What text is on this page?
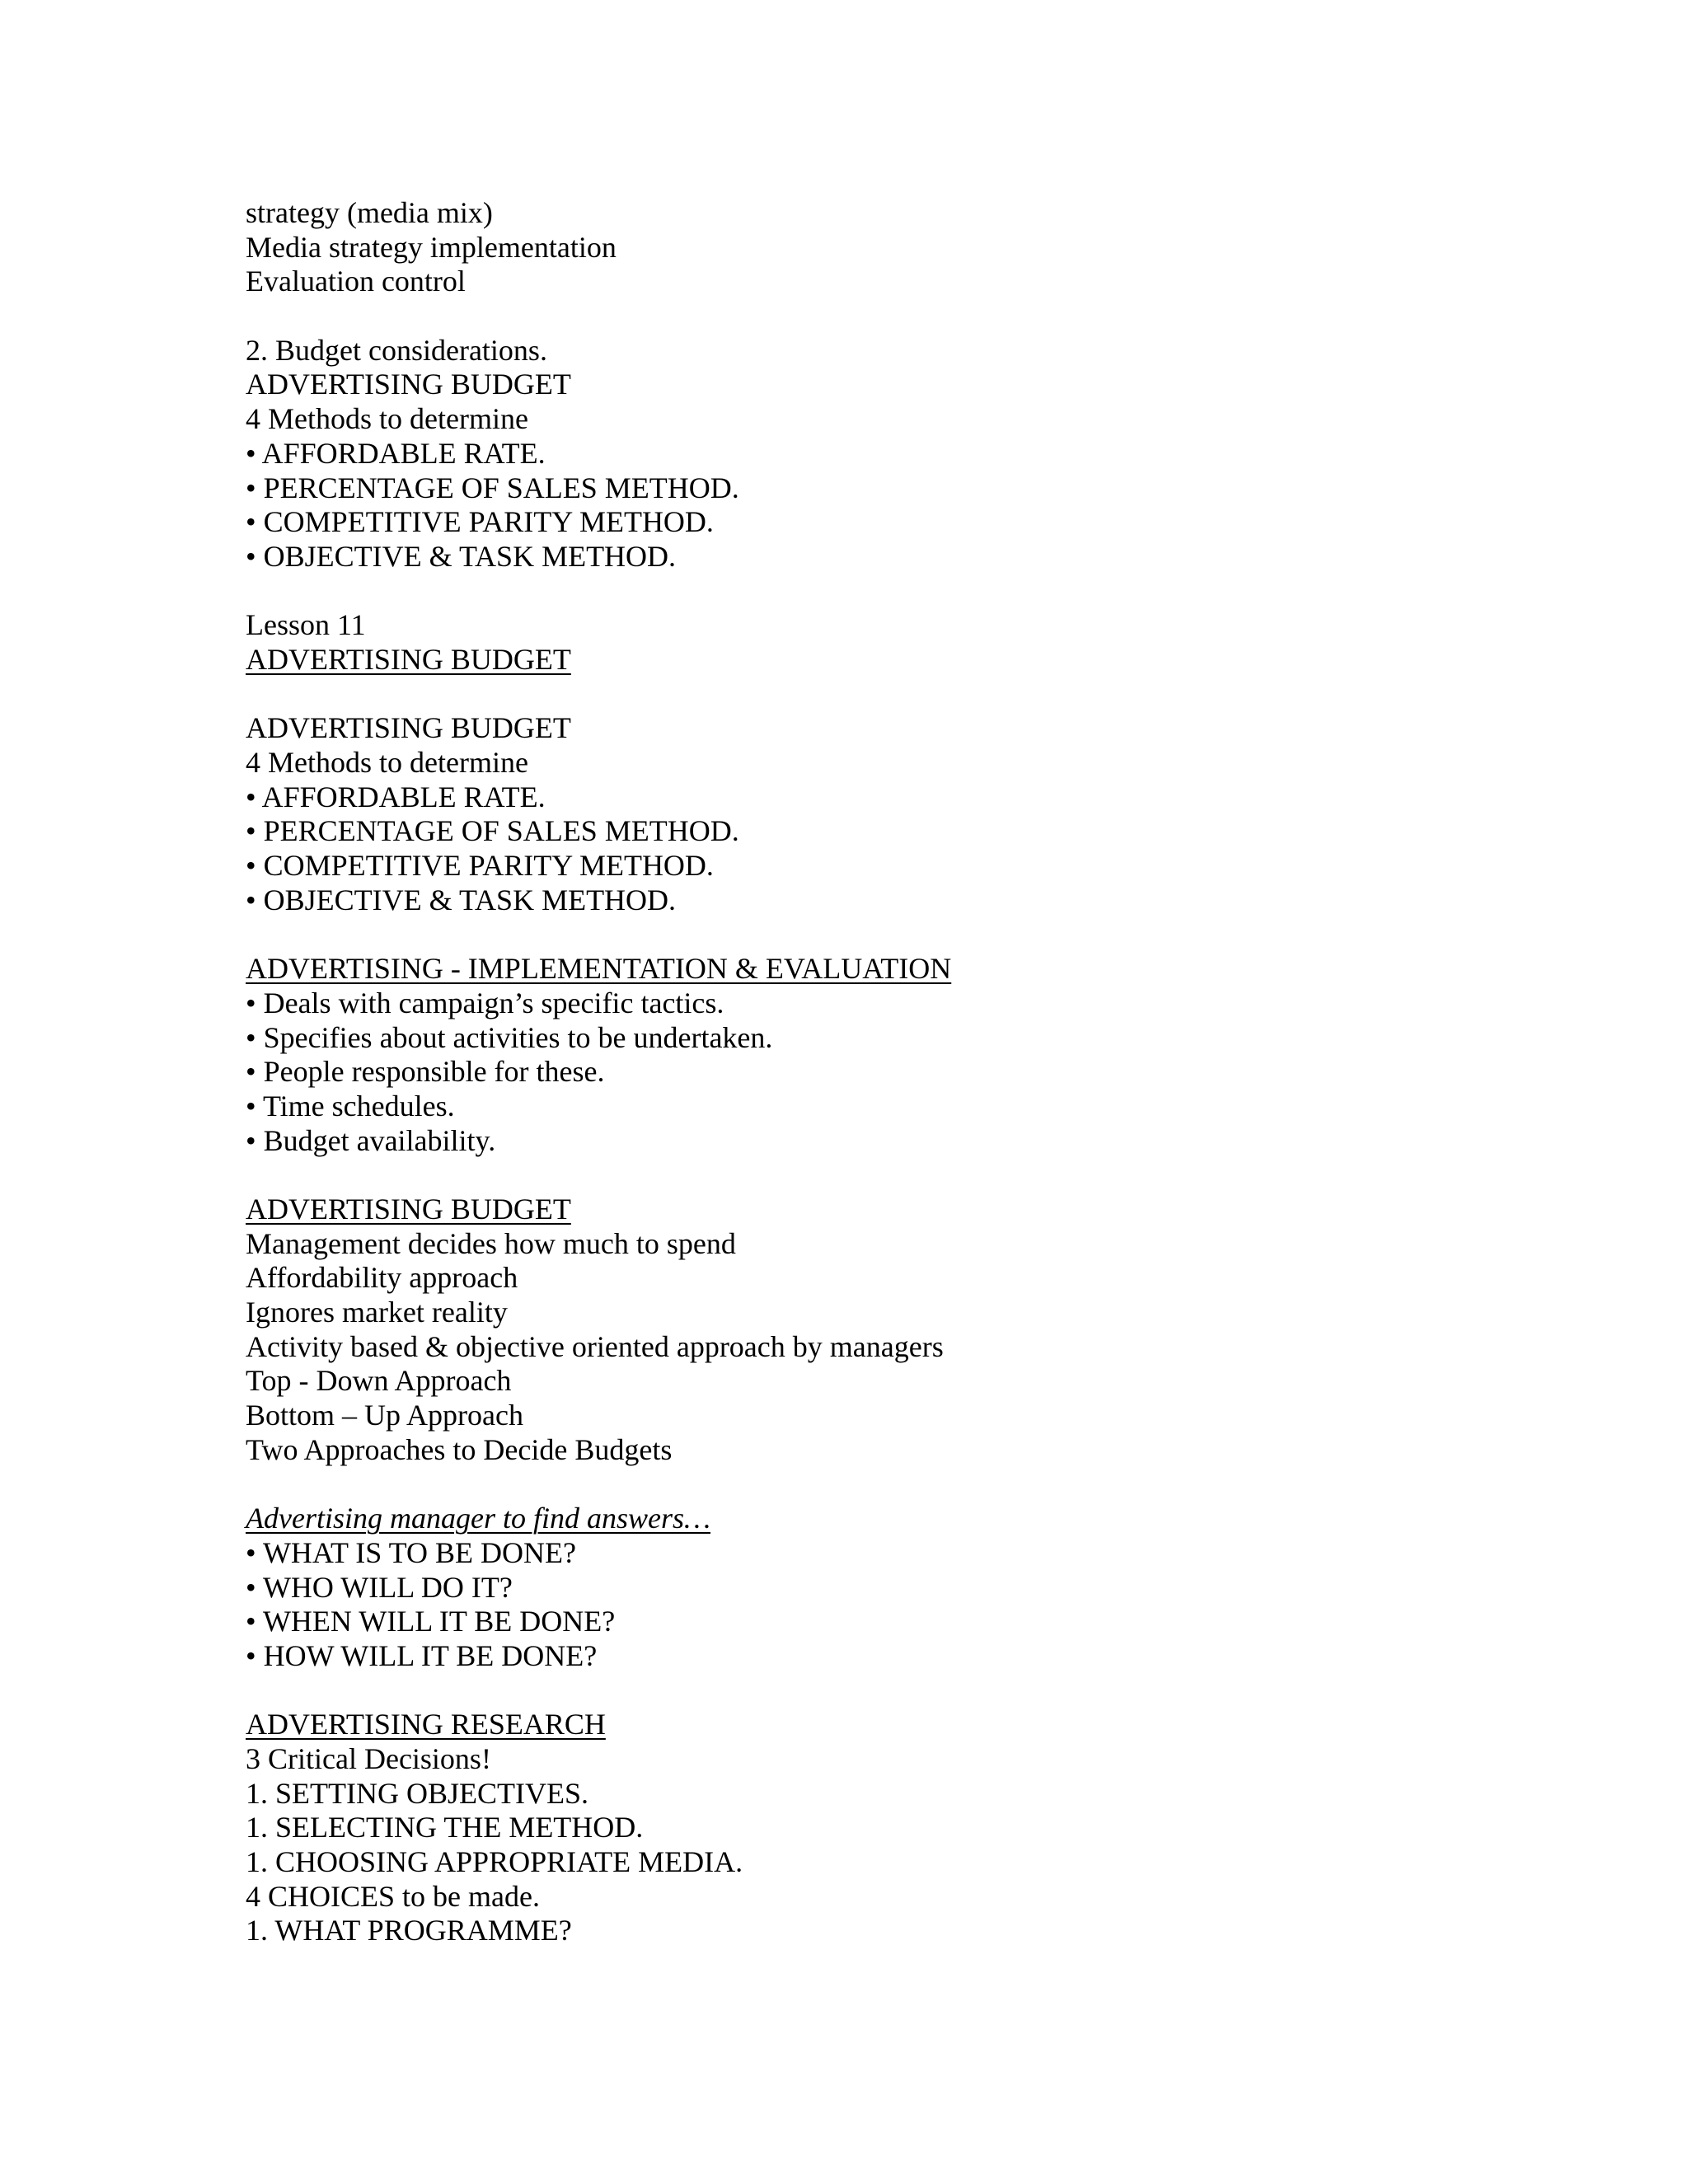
strategy (media mix)
Media strategy implementation
Evaluation control
2. Budget considerations.
ADVERTISING BUDGET
4 Methods to determine
• AFFORDABLE RATE.
• PERCENTAGE OF SALES METHOD.
• COMPETITIVE PARITY METHOD.
• OBJECTIVE & TASK METHOD.
Lesson 11
ADVERTISING BUDGET
ADVERTISING BUDGET
4 Methods to determine
• AFFORDABLE RATE.
• PERCENTAGE OF SALES METHOD.
• COMPETITIVE PARITY METHOD.
• OBJECTIVE & TASK METHOD.
ADVERTISING - IMPLEMENTATION & EVALUATION
• Deals with campaign’s specific tactics.
• Specifies about activities to be undertaken.
• People responsible for these.
• Time schedules.
• Budget availability.
ADVERTISING BUDGET
Management decides how much to spend
Affordability approach
Ignores market reality
Activity based & objective oriented approach by managers
Top - Down Approach
Bottom – Up Approach
Two Approaches to Decide Budgets
Advertising manager to find answers…
• WHAT IS TO BE DONE?
• WHO WILL DO IT?
• WHEN WILL IT BE DONE?
• HOW WILL IT BE DONE?
ADVERTISING RESEARCH
3 Critical Decisions!
1. SETTING OBJECTIVES.
1. SELECTING THE METHOD.
1. CHOOSING APPROPRIATE MEDIA.
4 CHOICES to be made.
1. WHAT PROGRAMME?
